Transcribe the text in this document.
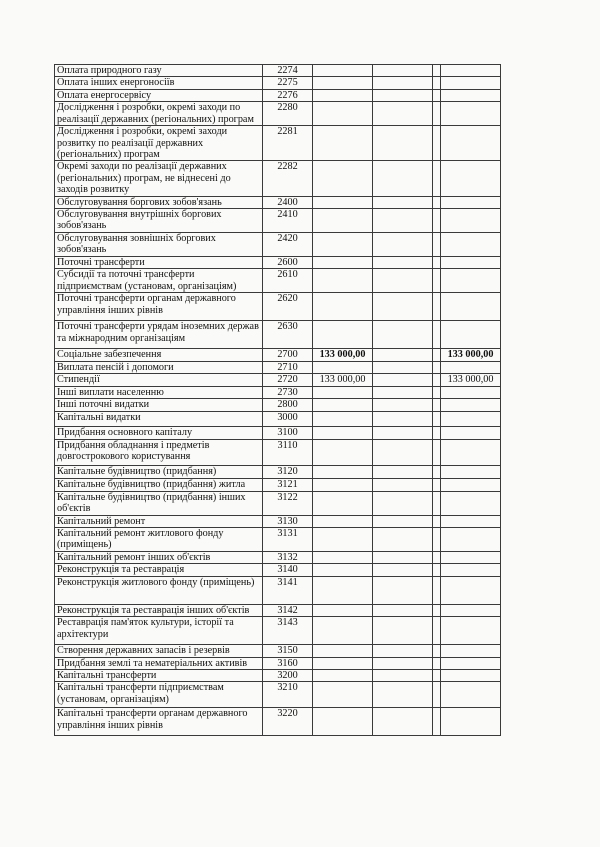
Оплата природного газу	2274				
Оплата інших енергоносіїв	2275				
Оплата енергосервісу	2276				
Дослідження і розробки, окремі заходи по реалізації державних (регіональних) програм	2280				
Дослідження і розробки, окремі заходи розвитку по реалізації державних (регіональних) програм	2281				
Окремі заходи по реалізації державних (регіональних) програм, не віднесені до заходів розвитку	2282				
Обслуговування боргових зобов'язань	2400				
Обслуговування внутрішніх боргових зобов'язань	2410				
Обслуговування зовнішніх боргових зобов'язань	2420				
Поточні трансферти	2600				
Субсидії та поточні трансферти підприємствам (установам, організаціям)	2610				
Поточні трансферти органам державного управління інших рівнів	2620				
Поточні трансферти урядам іноземних держав та міжнародним організаціям	2630				
Соціальне забезпечення	2700	133 000,00			133 000,00
Виплата пенсій і допомоги	2710				
Стипендії	2720	133 000,00			133 000,00
Інші виплати населенню	2730				
Інші поточні видатки	2800				
Капітальні видатки	3000				
Придбання основного капіталу	3100				
Придбання обладнання і предметів довгострокового користування	3110				
Капітальне будівництво (придбання)	3120				
Капітальне будівництво (придбання) житла	3121				
Капітальне будівництво (придбання) інших об'єктів	3122				
Капітальний ремонт	3130				
Капітальний ремонт житлового фонду (приміщень)	3131				
Капітальний ремонт інших об'єктів	3132				
Реконструкція та реставрація	3140				
Реконструкція житлового фонду (приміщень)	3141				
Реконструкція та реставрація інших об'єктів	3142				
Реставрація пам'яток культури, історії та архітектури	3143				
Створення державних запасів і резервів	3150				
Придбання землі та нематеріальних активів	3160				
Капітальні трансферти	3200				
Капітальні трансферти підприємствам (установам, організаціям)	3210				
Капітальні трансферти органам державного управління інших рівнів	3220				
